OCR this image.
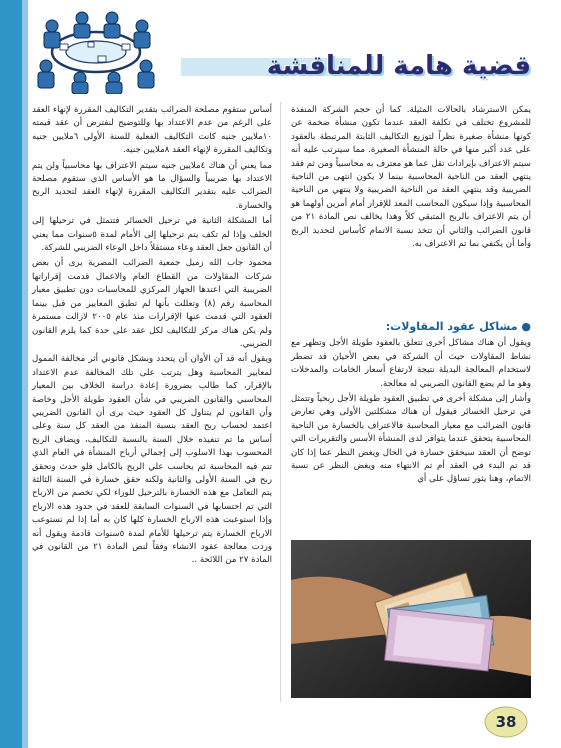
قضية هامة للمناقشة

يمكن الاسترشاد بالحالات المثيلة. كما أن حجم الشركة المنفذة للمشروع تختلف في تكلفة العقد عندما تكون منشأة ضخمة عن كونها منشأة صغيرة نظراً لتوزيع التكاليف الثابتة المرتبطة بالعقود على عدد أكبر منها في حالة المنشأة الصغيرة. مما سيترتب عليه أنه سيتم الاعتراف بإيرادات تقل عما هو معترف به محاسبياً ومن ثم فقد ينتهي العقد من الناحية المحاسبية بينما لا يكون انتهى من الناحية الضريبية وقد ينتهي العقد من الناحية الضريبية ولا ينتهي من الناحية المحاسبية وإذا سيكون المحاسب المعد للإقرار أمام أمرين أولهما هو أن يتم الاعتراف بالربح المتبقي كلاً وهذا يخالف نص المادة ٢١ من قانون الضرائب والثاني أن تتخذ نسبة الاتمام كأساس لتحديد الربح وأما أن يكتفي بما تم الاعتراف به.

● مشاكل عقود المقاولات:

ويقول أن هناك مشاكل أخرى تتعلق بالعقود طويلة الأجل وتظهر مع نشاط المقاولات حيث أن الشركة في بعض الأحيان قد تضطر لاستخدام المعالجة البديلة نتيجة لارتفاع أسعار الخامات والمدخلات وهو ما لم يضع القانون الضريبي له معالجة.

وأشار إلى مشكلة أخرى في تطبيق العقود طويلة الأجل ربحياً وتتمثل في ترحيل الخسائر فيقول أن هناك مشكلتين الأولى وهي تعارض قانون الضرائب مع معيار المحاسبة فالاعتراف بالخسارة من الناحية المحاسبية يتحقق عندما يتوافر لدى المنشأة الأسس والتقريرات التي توضح أن العقد سيحقق خسارة في الحال ويغض النظر عما إذا كان قد تم البدء في العقد أم تم الانتهاء منه ويغض النظر عن نسبة الاتمام، وهنا يثور تساؤل على أي

أساس ستقوم مصلحة الضرائب بتقدير التكاليف المقررة لإنهاء العقد على الرغم من عدم الاعتداد بها وللتوضيح لنفترض أن عقد قيمته ١٠ملايين جنيه كانت التكاليف الفعلية للسنة الأولى ٦ملايين جنيه وتكاليف المقررة لإنهاء العقد ٨ملايين جنيه.

مما يعني أن هناك ٤ملايين جنيه سيتم الاعتراف بها محاسبياً ولن يتم الاعتداد بها ضريبياً والسؤال ما هو الأساس الذي ستقوم مصلحة الضرائب عليه بتقدير التكاليف المقررة لإنهاء العقد لتحديد الربح والخسارة.

أما المشكلة الثانية في ترحيل الخسائر فتتمثل في ترحيلها إلى الخلف وإذا لم تكف يتم ترحيلها إلى الأمام لمدة ٥سنوات مما يعني أن القانون جعل العقد وعاء مستقلاً داخل الوعاء الضريبي للشركة.

محمود جاب الله زميل جمعية الضرائب المصرية يرى أن بعض شركات المقاولات من القطاع العام والاعمال قدمت إقراراتها الضريبية التي اعتدها الجهاز المركزي للمحاسبات دون تطبيق معيار المحاسبة رقم (٨) وتعللت بأنها لم تطبق المعايير من قبل بينما العقود التي قدمت عنها الإقرارات منذ عام ٢٠٠٥ لازالت مستمرة ولم يكن هناك مركز للتكاليف لكل عقد على حدة كما يلزم القانون الضريبي.

ويقول أنه قد آن الأوان أن يتحدد وبشكل قانوني أثر مخالفة الممول لمعايير المحاسبة وهل يترتب على تلك المخالفة عدم الاعتداد بالإقرار، كما طالب بضرورة إعادة دراسة الخلاف بين المعيار المحاسبي والقانون الضريبي في شأن العقود طويلة الأجل وخاصة وأن القانون لم يتناول كل العقود حيث يرى أن القانون الضريبي اعتمد لحساب ربح العقد بنسبة المنفذ من العقد كل سنة وعلى أساس ما تم تنفيذه خلال السنة بالنسبة للتكاليف، ويضاف الربح المحسوب بهذا الاسلوب إلى إجمالي أرباح المنشأة في العام الذي تتم فيه المحاسبة ثم يحاسب علي الربح بالكامل فلو حدث وتحقق ربح في السنة الأولى والثانية ولكنه حقق خسارة في السنة الثالثة يتم التعامل مع هذه الخسارة بالترحيل للوراء لكي تخصم من الارباح التي تم احتسابها في السنوات السابقة للعقد في حدود هذه الارباح وإذا استوعبت هذه الارباح الخسارة كلها كان به أما إذا لم تستوعب الارباح الخسارة يتم ترحيلها للأمام لمدة ٥سنوات قادمة ويقول أنه وردت معالجة عقود الانشاء وفقاً لنص المادة ٢١ من القانون في المادة ٢٧ من اللائحة ..

38
